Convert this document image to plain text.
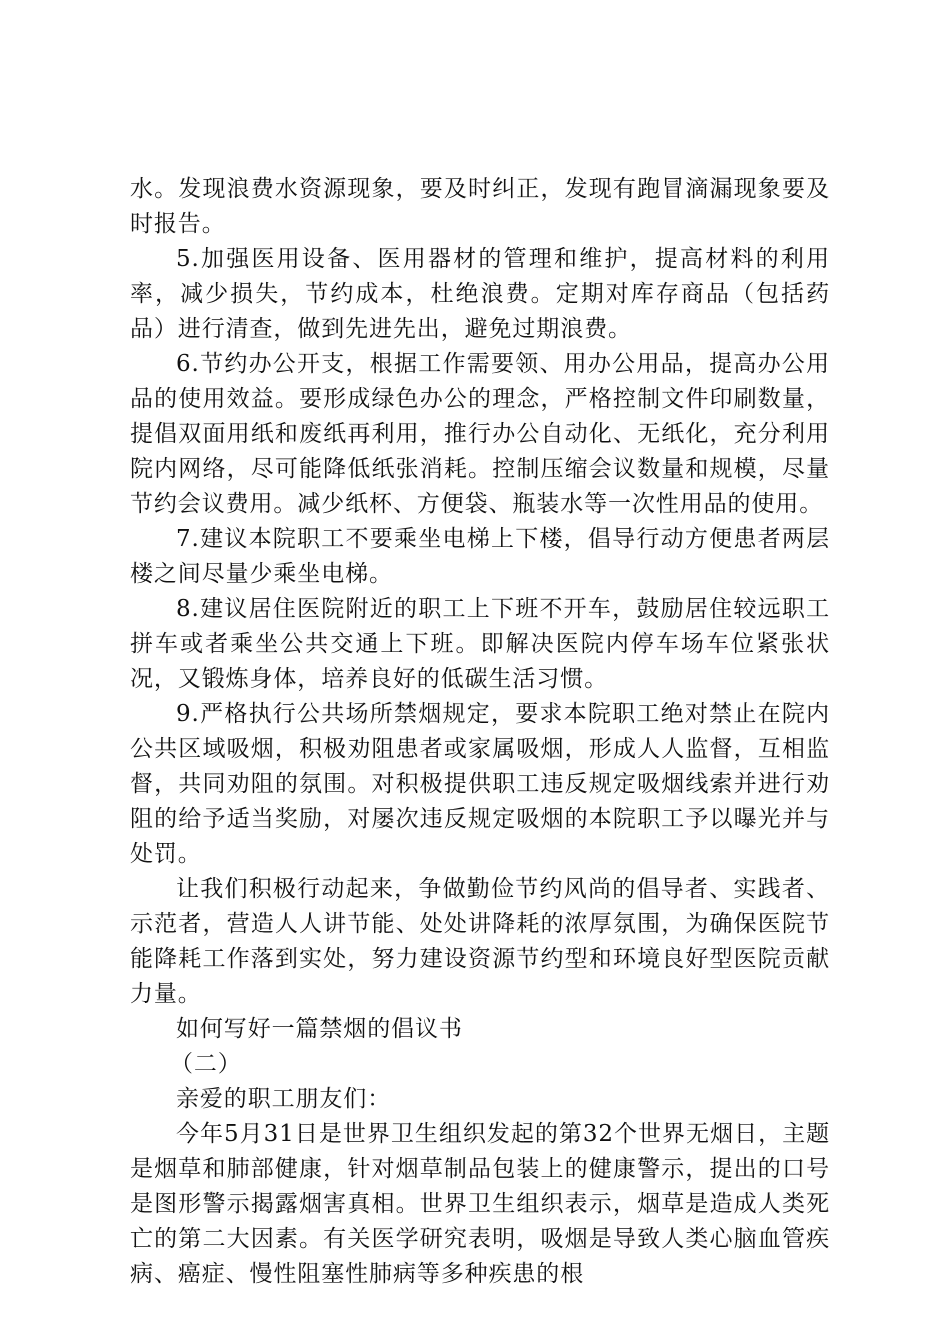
水。发现浪费水资源现象，要及时纠正，发现有跑冒滴漏现象要及时报告。

5.加强医用设备、医用器材的管理和维护，提高材料的利用率，减少损失，节约成本，杜绝浪费。定期对库存商品（包括药品）进行清查，做到先进先出，避免过期浪费。

6.节约办公开支，根据工作需要领、用办公用品，提高办公用品的使用效益。要形成绿色办公的理念，严格控制文件印刷数量，提倡双面用纸和废纸再利用，推行办公自动化、无纸化，充分利用院内网络，尽可能降低纸张消耗。控制压缩会议数量和规模，尽量节约会议费用。减少纸杯、方便袋、瓶装水等一次性用品的使用。

7.建议本院职工不要乘坐电梯上下楼，倡导行动方便患者两层楼之间尽量少乘坐电梯。

8.建议居住医院附近的职工上下班不开车，鼓励居住较远职工拼车或者乘坐公共交通上下班。即解决医院内停车场车位紧张状况，又锻炼身体，培养良好的低碳生活习惯。

9.严格执行公共场所禁烟规定，要求本院职工绝对禁止在院内公共区域吸烟，积极劝阻患者或家属吸烟，形成人人监督，互相监督，共同劝阻的氛围。对积极提供职工违反规定吸烟线索并进行劝阻的给予适当奖励，对屡次违反规定吸烟的本院职工予以曝光并与处罚。

让我们积极行动起来，争做勤俭节约风尚的倡导者、实践者、示范者，营造人人讲节能、处处讲降耗的浓厚氛围，为确保医院节能降耗工作落到实处，努力建设资源节约型和环境良好型医院贡献力量。

如何写好一篇禁烟的倡议书

（二）

亲爱的职工朋友们：

今年5月31日是世界卫生组织发起的第32个世界无烟日，主题是烟草和肺部健康，针对烟草制品包装上的健康警示，提出的口号是图形警示揭露烟害真相。世界卫生组织表示，烟草是造成人类死亡的第二大因素。有关医学研究表明，吸烟是导致人类心脑血管疾病、癌症、慢性阻塞性肺病等多种疾患的根
